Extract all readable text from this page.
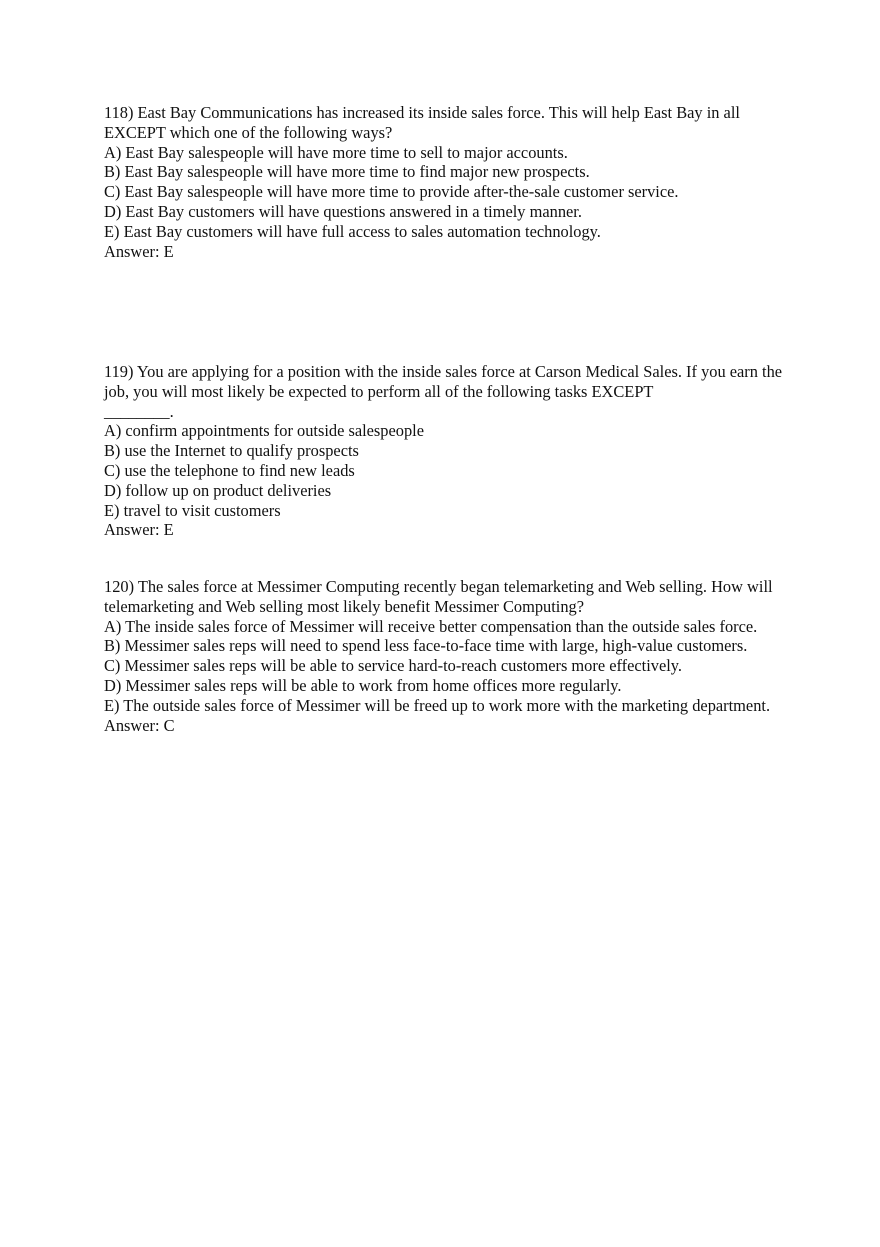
118) East Bay Communications has increased its inside sales force. This will help East Bay in all EXCEPT which one of the following ways?

A) East Bay salespeople will have more time to sell to major accounts.

B) East Bay salespeople will have more time to find major new prospects.

C) East Bay salespeople will have more time to provide after-the-sale customer service.

D) East Bay customers will have questions answered in a timely manner.

E) East Bay customers will have full access to sales automation technology.

Answer: E

119) You are applying for a position with the inside sales force at Carson Medical Sales. If you earn the job, you will most likely be expected to perform all of the following tasks EXCEPT
________.

A) confirm appointments for outside salespeople

B) use the Internet to qualify prospects

C) use the telephone to find new leads

D) follow up on product deliveries

E) travel to visit customers

Answer: E

120) The sales force at Messimer Computing recently began telemarketing and Web selling. How will telemarketing and Web selling most likely benefit Messimer Computing?

A) The inside sales force of Messimer will receive better compensation than the outside sales force.

B) Messimer sales reps will need to spend less face-to-face time with large, high-value customers.

C) Messimer sales reps will be able to service hard-to-reach customers more effectively.

D) Messimer sales reps will be able to work from home offices more regularly.

E) The outside sales force of Messimer will be freed up to work more with the marketing department.

Answer: C
